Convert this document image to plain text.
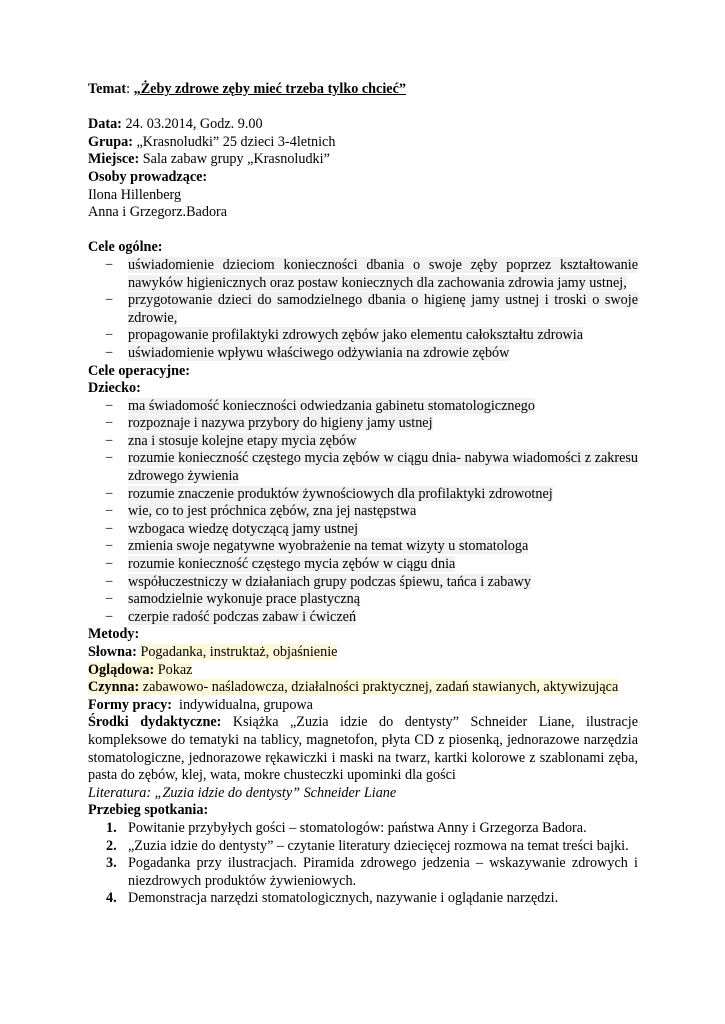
Temat: „Żeby zdrowe zęby mieć trzeba tylko chcieć”
Data: 24. 03.2014, Godz. 9.00
Grupa: „Krasnoludki” 25 dzieci 3-4letnich
Miejsce: Sala zabaw grupy „Krasnoludki”
Osoby prowadzące:
Ilona Hillenberg
Anna i Grzegorz.Badora
Cele ogólne:
− uświadomienie dzieciom konieczności dbania o swoje zęby poprzez kształtowanie nawyków higienicznych oraz postaw koniecznych dla zachowania zdrowia jamy ustnej,
− przygotowanie dzieci do samodzielnego dbania o higienę jamy ustnej i troski o swoje zdrowie,
− propagowanie profilaktyki zdrowych zębów jako elementu całokształtu zdrowia
− uświadomienie wpływu właściwego odżywiania na zdrowie zębów
Cele operacyjne:
Dziecko:
− ma świadomość konieczności odwiedzania gabinetu stomatologicznego
− rozpoznaje i nazywa przybory do higieny jamy ustnej
− zna i stosuje kolejne etapy mycia zębów
− rozumie konieczność częstego mycia zębów w ciągu dnia- nabywa wiadomości z zakresu zdrowego żywienia
− rozumie znaczenie produktów żywnościowych dla profilaktyki zdrowotnej
− wie, co to jest próchnica zębów, zna jej następstwa
− wzbogaca wiedzę dotyczącą jamy ustnej
− zmienia swoje negatywne wyobrażenie na temat wizyty u stomatologa
− rozumie konieczność częstego mycia zębów w ciągu dnia
− współuczestniczy w działaniach grupy podczas śpiewu, tańca i zabawy
− samodzielnie wykonuje prace plastyczną
− czerpie radość podczas zabaw i ćwiczeń
Metody:
Słowna: Pogadanka, instruktaż, objaśnienie
Oglądowa: Pokaz
Czynna: zabawowo- naśladowcza, działalności praktycznej, zadań stawianych, aktywizująca
Formy pracy: indywidualna, grupowa
Środki dydaktyczne: Książka „Zuzia idzie do dentysty” Schneider Liane, ilustracje kompleksowe do tematyki na tablicy, magnetofon, płyta CD z piosenką, jednorazowe narzędzia stomatologiczne, jednorazowe rękawiczki i maski na twarz, kartki kolorowe z szablonami zęba, pasta do zębów, klej, wata, mokre chusteczki upominki dla gości
Literatura: „Zuzia idzie do dentysty” Schneider Liane
Przebieg spotkania:
1. Powitanie przybyłych gości – stomatologów: państwa Anny i Grzegorza Badora.
2. „Zuzia idzie do dentysty” – czytanie literatury dziecięcej rozmowa na temat treści bajki.
3. Pogadanka przy ilustracjach. Piramida zdrowego jedzenia – wskazywanie zdrowych i niezdrowych produktów żywieniowych.
4. Demonstracja narzędzi stomatologicznych, nazywanie i oglądanie narzędzi.
